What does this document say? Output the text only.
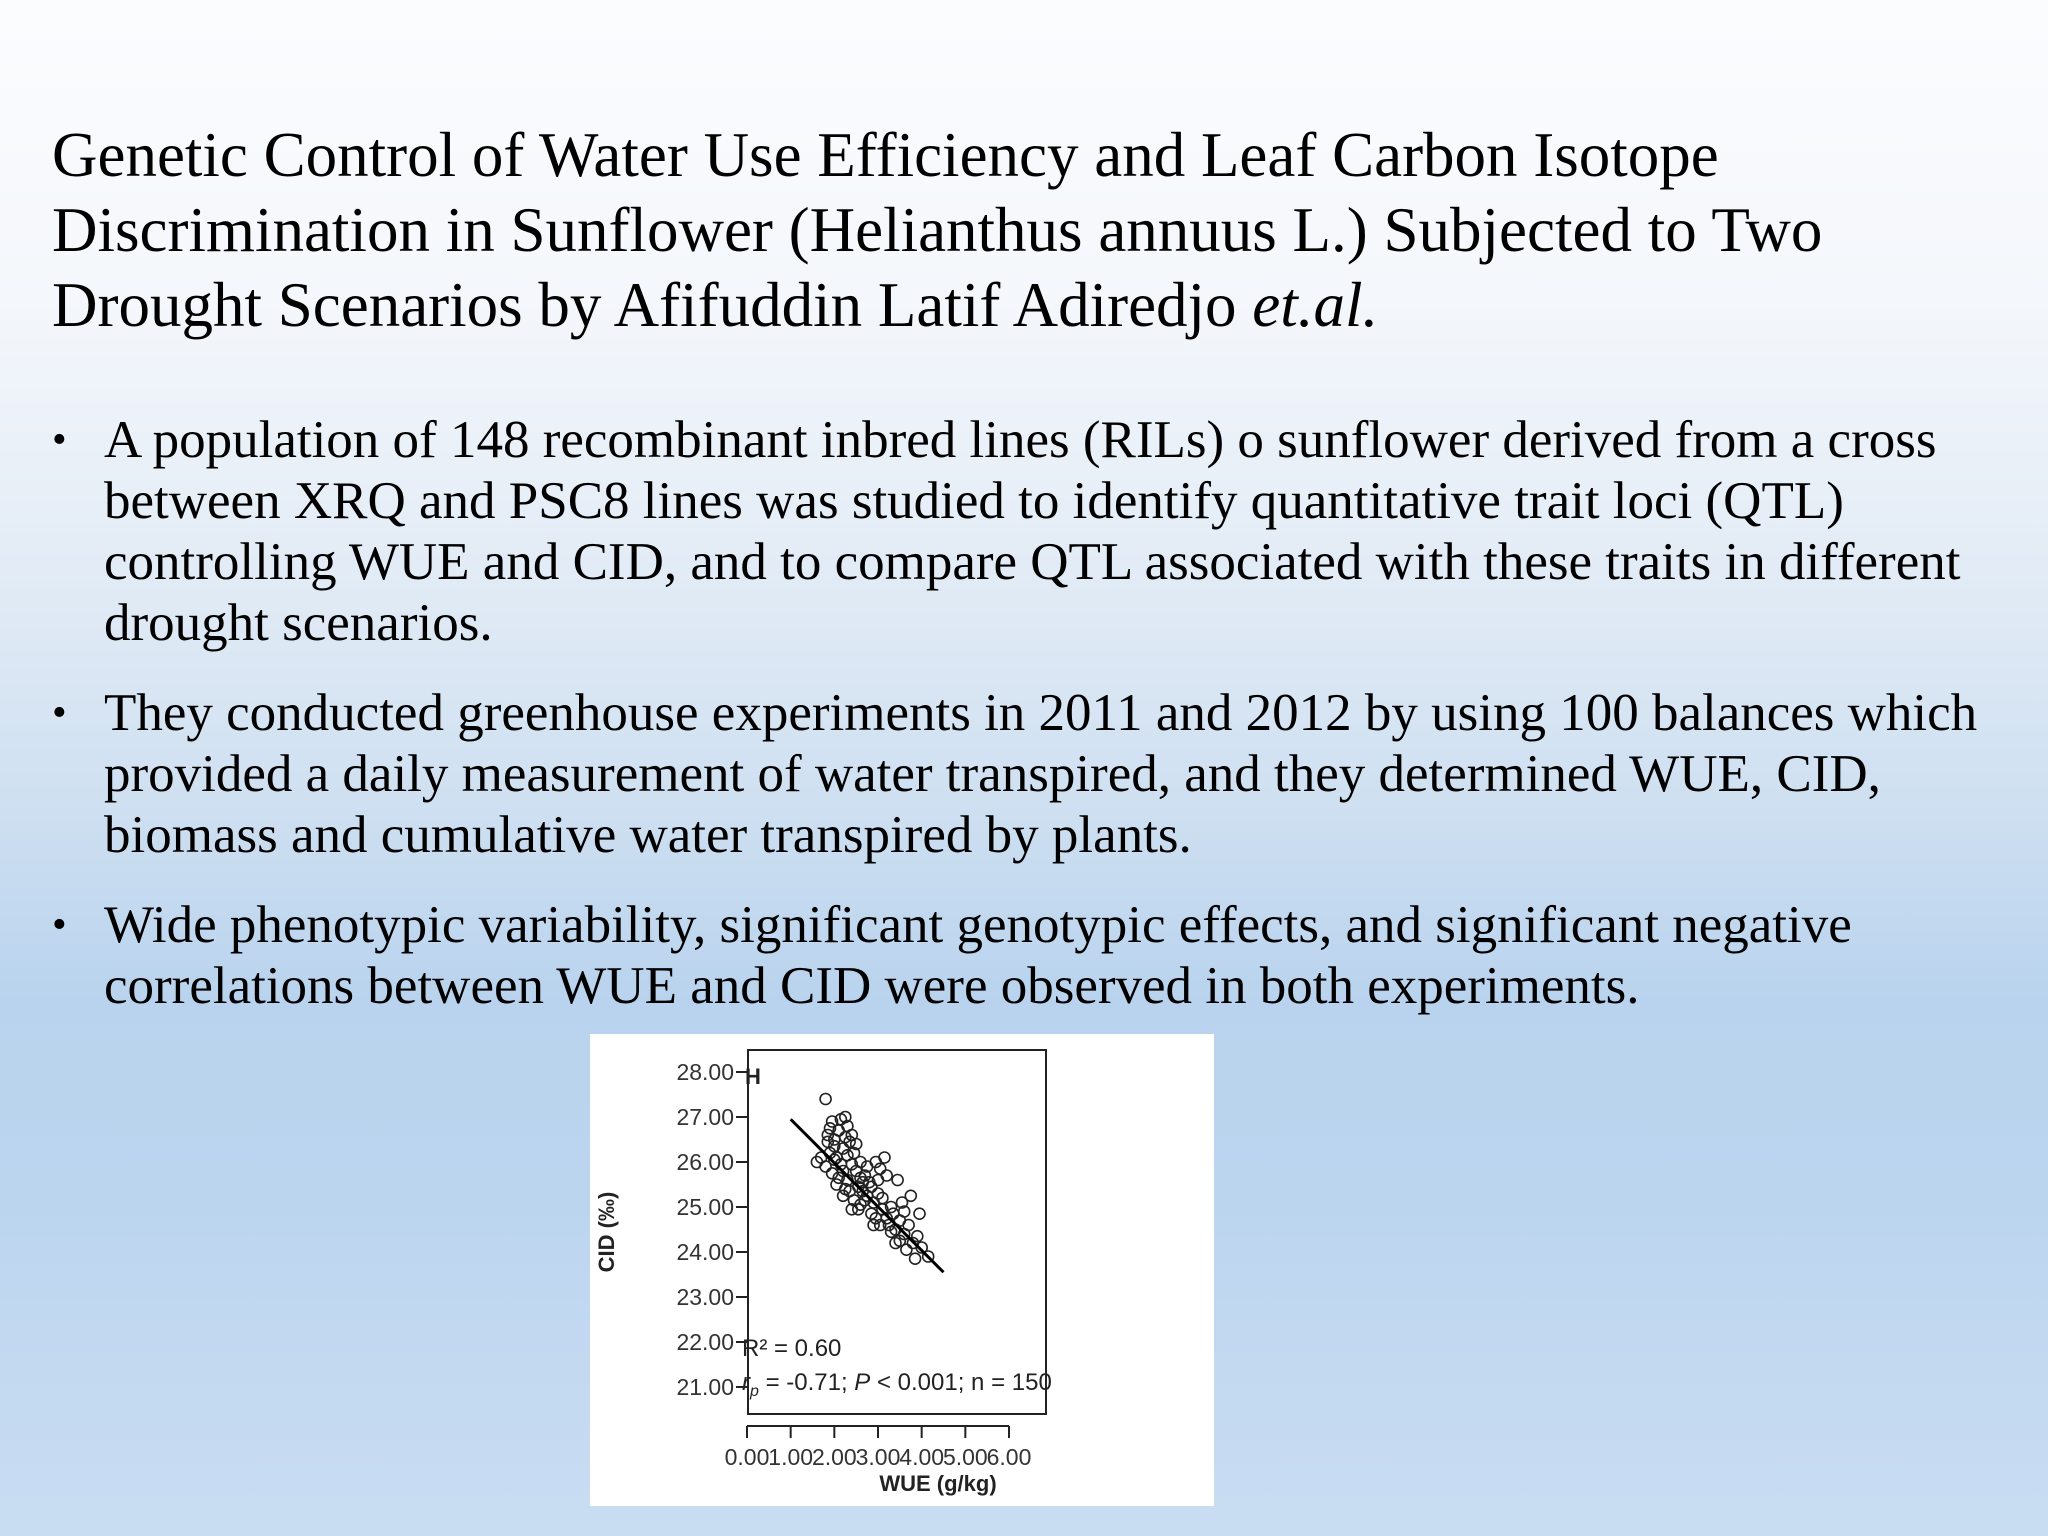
Genetic Control of Water Use Efficiency and Leaf Carbon Isotope Discrimination in Sunflower (Helianthus annuus L.) Subjected to Two Drought Scenarios by Afifuddin Latif Adiredjo et.al.
• A population of 148 recombinant inbred lines (RILs) o sunflower derived from a cross between XRQ and PSC8 lines was studied to identify quantitative trait loci (QTL) controlling WUE and CID, and to compare QTL associated with these traits in different drought scenarios.
• They conducted greenhouse experiments in 2011 and 2012 by using 100 balances which provided a daily measurement of water transpired, and they determined WUE, CID, biomass and cumulative water transpired by plants.
• Wide phenotypic variability, significant genotypic effects, and significant negative correlations between WUE and CID were observed in both experiments.
21.00
22.00
23.00
24.00
25.00
26.00
27.00
28.00
0.00
1.00
2.00
3.00
4.00
5.00
6.00
H
R² = 0.60
$r_p = -0.71$; P < 0.001; n = 150
WUE (g/kg)
CID (‰)
